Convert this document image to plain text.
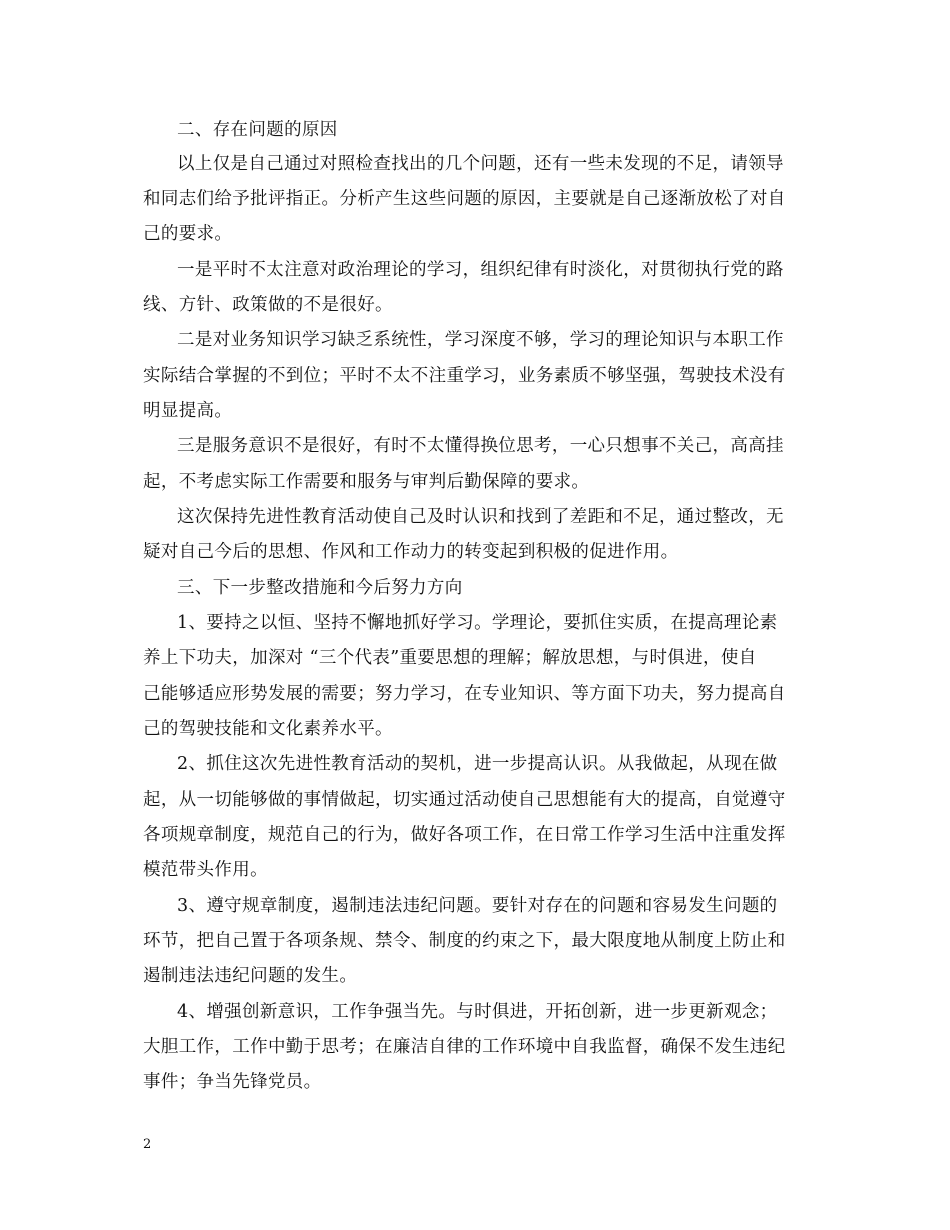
二、存在问题的原因
以上仅是自己通过对照检查找出的几个问题，还有一些未发现的不足，请领导
和同志们给予批评指正。分析产生这些问题的原因，主要就是自己逐渐放松了对自
己的要求。
一是平时不太注意对政治理论的学习，组织纪律有时淡化，对贯彻执行党的路
线、方针、政策做的不是很好。
二是对业务知识学习缺乏系统性，学习深度不够，学习的理论知识与本职工作
实际结合掌握的不到位；平时不太不注重学习，业务素质不够坚强，驾驶技术没有
明显提高。
三是服务意识不是很好，有时不太懂得换位思考，一心只想事不关己，高高挂
起，不考虑实际工作需要和服务与审判后勤保障的要求。
这次保持先进性教育活动使自己及时认识和找到了差距和不足，通过整改，无
疑对自己今后的思想、作风和工作动力的转变起到积极的促进作用。
三、下一步整改措施和今后努力方向
1、要持之以恒、坚持不懈地抓好学习。学理论，要抓住实质，在提高理论素
养上下功夫，加深对 “三个代表”重要思想的理解；解放思想，与时俱进，使自
己能够适应形势发展的需要；努力学习，在专业知识、等方面下功夫，努力提高自
己的驾驶技能和文化素养水平。
2、抓住这次先进性教育活动的契机，进一步提高认识。从我做起，从现在做
起，从一切能够做的事情做起，切实通过活动使自己思想能有大的提高，自觉遵守
各项规章制度，规范自己的行为，做好各项工作，在日常工作学习生活中注重发挥
模范带头作用。
3、遵守规章制度，遏制违法违纪问题。要针对存在的问题和容易发生问题的
环节，把自己置于各项条规、禁令、制度的约束之下，最大限度地从制度上防止和
遏制违法违纪问题的发生。
4、增强创新意识，工作争强当先。与时俱进，开拓创新，进一步更新观念；
大胆工作，工作中勤于思考；在廉洁自律的工作环境中自我监督，确保不发生违纪
事件；争当先锋党员。
2
